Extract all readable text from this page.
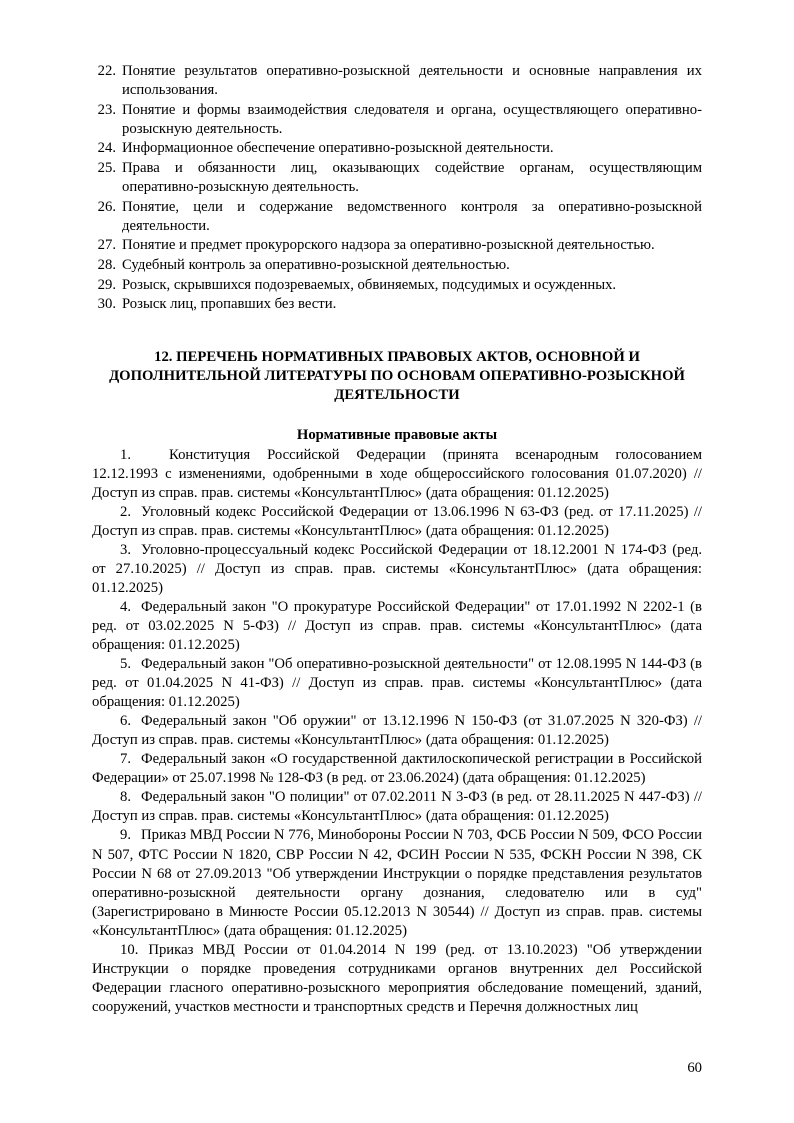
22. Понятие результатов оперативно-розыскной деятельности и основные направления их использования.
23. Понятие и формы взаимодействия следователя и органа, осуществляющего оперативно-розыскную деятельность.
24. Информационное обеспечение оперативно-розыскной деятельности.
25. Права и обязанности лиц, оказывающих содействие органам, осуществляющим оперативно-розыскную деятельность.
26. Понятие, цели и содержание ведомственного контроля за оперативно-розыскной деятельности.
27. Понятие и предмет прокурорского надзора за оперативно-розыскной деятельностью.
28. Судебный контроль за оперативно-розыскной деятельностью.
29. Розыск, скрывшихся подозреваемых, обвиняемых, подсудимых и осужденных.
30. Розыск лиц, пропавших без вести.
12. ПЕРЕЧЕНЬ НОРМАТИВНЫХ ПРАВОВЫХ АКТОВ, ОСНОВНОЙ И ДОПОЛНИТЕЛЬНОЙ ЛИТЕРАТУРЫ ПО ОСНОВАМ ОПЕРАТИВНО-РОЗЫСКНОЙ ДЕЯТЕЛЬНОСТИ
Нормативные правовые акты

1.	Конституция Российской Федерации (принята всенародным голосованием 12.12.1993 с изменениями, одобренными в ходе общероссийского голосования 01.07.2020) // Доступ из справ. прав. системы «КонсультантПлюс» (дата обращения: 01.12.2025)

2. Уголовный кодекс Российской Федерации от 13.06.1996 N 63-ФЗ (ред. от 17.11.2025) // Доступ из справ. прав. системы «КонсультантПлюс» (дата обращения: 01.12.2025)

3. Уголовно-процессуальный кодекс Российской Федерации от 18.12.2001 N 174-ФЗ (ред. от 27.10.2025) // Доступ из справ. прав. системы «КонсультантПлюс» (дата обращения: 01.12.2025)

4. Федеральный закон "О прокуратуре Российской Федерации" от 17.01.1992 N 2202-1 (в ред. от 03.02.2025 N 5-ФЗ) // Доступ из справ. прав. системы «КонсультантПлюс» (дата обращения: 01.12.2025)

5. Федеральный закон "Об оперативно-розыскной деятельности" от 12.08.1995 N 144-ФЗ (в ред. от 01.04.2025 N 41-ФЗ) // Доступ из справ. прав. системы «КонсультантПлюс» (дата обращения: 01.12.2025)

6. Федеральный закон "Об оружии" от 13.12.1996 N 150-ФЗ (от 31.07.2025 N 320-ФЗ) // Доступ из справ. прав. системы «КонсультантПлюс» (дата обращения: 01.12.2025)

7. Федеральный закон «О государственной дактилоскопической регистрации в Российской Федерации» от 25.07.1998 № 128-ФЗ (в ред. от 23.06.2024) (дата обращения: 01.12.2025)

8. Федеральный закон "О полиции" от 07.02.2011 N 3-ФЗ (в ред. от 28.11.2025 N 447-ФЗ) // Доступ из справ. прав. системы «КонсультантПлюс» (дата обращения: 01.12.2025)

9. Приказ МВД России N 776, Минобороны России N 703, ФСБ России N 509, ФСО России N 507, ФТС России N 1820, СВР России N 42, ФСИН России N 535, ФСКН России N 398, СК России N 68 от 27.09.2013 "Об утверждении Инструкции о порядке представления результатов оперативно-розыскной деятельности органу дознания, следователю или в суд" (Зарегистрировано в Минюсте России 05.12.2013 N 30544) // Доступ из справ. прав. системы «КонсультантПлюс» (дата обращения: 01.12.2025)

10. Приказ МВД России от 01.04.2014 N 199 (ред. от 13.10.2023) "Об утверждении Инструкции о порядке проведения сотрудниками органов внутренних дел Российской Федерации гласного оперативно-розыскного мероприятия обследование помещений, зданий, сооружений, участков местности и транспортных средств и Перечня должностных лиц

60
